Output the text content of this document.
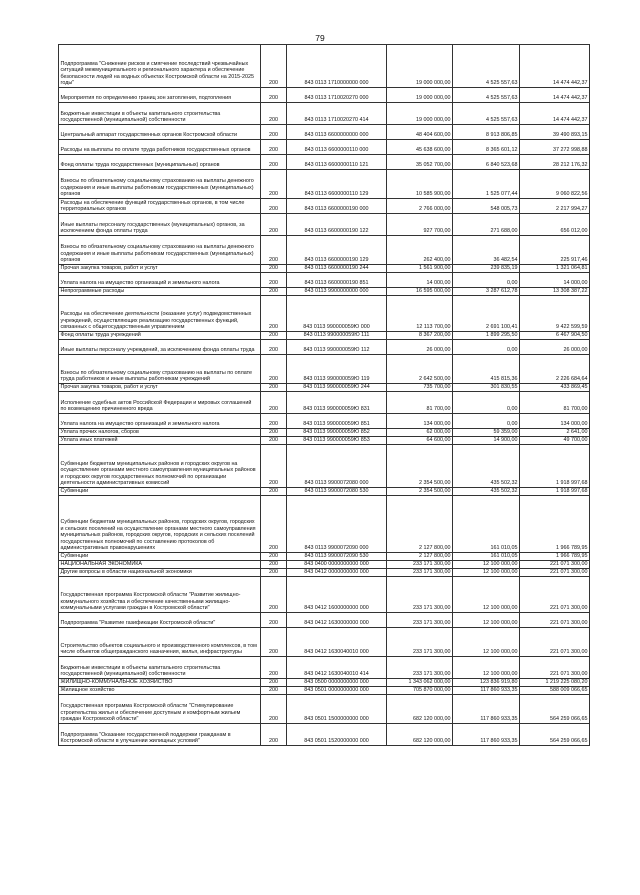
79
Подпрограмма "Снижение рисков и смягчение последствий чрезвычайных ситуаций межмуниципального и регионального характера и обеспечение безопасности людей на водных объектах Костромской области на 2015-2025 годы"	200	843 0113 1710000000 000	19 000 000,00	4 525 557,63	14 474 442,37
Мероприятия по определению границ зон затопления, подтопления	200	843 0113 1710020270 000	19 000 000,00	4 525 557,63	14 474 442,37
Бюджетные инвестиции в объекты капитального строительства государственной (муниципальной) собственности	200	843 0113 1710020270 414	19 000 000,00	4 525 557,63	14 474 442,37
Центральный аппарат государственных органов Костромской области	200	843 0113 6600000000 000	48 404 600,00	8 913 806,85	39 490 893,15
Расходы на выплаты по оплате труда работников государственных органов	200	843 0113 6600000110 000	45 638 600,00	8 365 601,12	37 272 998,88
Фонд оплаты труда государственных (муниципальных) органов	200	843 0113 6600000110 121	35 052 700,00	6 840 523,68	28 212 176,32
Взносы по обязательному социальному страхованию на выплаты денежного содержания и иные выплаты работникам государственных (муниципальных) органов	200	843 0113 6600000110 129	10 585 900,00	1 525 077,44	9 060 822,56
Расходы на обеспечение функций государственных органов, в том числе территориальных органов	200	843 0113 6600000190 000	2 766 000,00	548 005,73	2 217 994,27
Иные выплаты персоналу государственных (муниципальных) органов, за исключением фонда оплаты труда	200	843 0113 6600000190 122	927 700,00	271 688,00	656 012,00
Взносы по обязательному социальному страхованию на выплаты денежного содержания и иные выплаты работникам государственных (муниципальных) органов	200	843 0113 6600000190 129	262 400,00	36 482,54	225 917,46
Прочая закупка товаров, работ и услуг	200	843 0113 6600000190 244	1 561 900,00	239 835,19	1 321 064,81
Уплата налога на имущество организаций и земельного налога	200	843 0113 6600000190 851	14 000,00	0,00	14 000,00
Непрограммные расходы	200	843 0113 9900000000 000	16 595 000,00	3 287 612,78	13 308 387,22
Расходы на обеспечение деятельности (оказание услуг) подведомственных учреждений, осуществляющих реализацию государственных функций, связанных с общегосударственным управлением	200	843 0113 990000059Ю 000	12 113 700,00	2 691 100,41	9 422 599,59
Фонд оплаты труда учреждений	200	843 0113 990000059Ю 111	8 367 200,00	1 899 295,50	6 467 904,50
Иные выплаты персоналу учреждений, за исключением фонда оплаты труда	200	843 0113 990000059Ю 112	26 000,00	0,00	26 000,00
Взносы по обязательному социальному страхованию на выплаты по оплате труда работников и иные выплаты работникам учреждений	200	843 0113 990000059Ю 119	2 642 500,00	415 815,36	2 226 684,64
Прочая закупка товаров, работ и услуг	200	843 0113 990000059Ю 244	735 700,00	301 830,55	433 869,45
Исполнение судебных актов Российской Федерации и мировых соглашений по возмещению причиненного вреда	200	843 0113 990000059Ю 831	81 700,00	0,00	81 700,00
Уплата налога на имущество организаций и земельного налога	200	843 0113 990000059Ю 851	134 000,00	0,00	134 000,00
Уплата прочих налогов, сборов	200	843 0113 990000059Ю 852	62 000,00	59 359,00	2 641,00
Уплата иных платежей	200	843 0113 990000059Ю 853	64 600,00	14 900,00	49 700,00
Субвенции бюджетам муниципальных районов и городских округов на осуществление органами местного самоуправления муниципальных районов и городских округов государственных полномочий по организации деятельности административных комиссий	200	843 0113 9900072080 000	2 354 500,00	435 502,32	1 918 997,68
Субвенции	200	843 0113 9900072080 530	2 354 500,00	435 502,32	1 918 997,68
Субвенции бюджетам муниципальных районов, городских округов, городских и сельских поселений на осуществление органами местного самоуправления муниципальных районов, городских округов, городских и сельских поселений государственных полномочий по составлению протоколов об административных правонарушениях	200	843 0113 9900072090 000	2 127 800,00	161 010,05	1 966 789,95
Субвенции	200	843 0113 9900072090 530	2 127 800,00	161 010,05	1 966 789,95
НАЦИОНАЛЬНАЯ ЭКОНОМИКА	200	843 0400 0000000000 000	233 171 300,00	12 100 000,00	221 071 300,00
Другие вопросы в области национальной экономики	200	843 0412 0000000000 000	233 171 300,00	12 100 000,00	221 071 300,00
Государственная программа Костромской области "Развитие жилищно-коммунального хозяйства и обеспечение качественными жилищно-коммунальными услугами граждан в Костромской области"	200	843 0412 1600000000 000	233 171 300,00	12 100 000,00	221 071 300,00
Подпрограмма "Развитие газификации Костромской области"	200	843 0412 1630000000 000	233 171 300,00	12 100 000,00	221 071 300,00
Строительство объектов социального и производственного комплексов, в том числе объектов общегражданского назначения, жилья, инфраструктуры	200	843 0412 1630040010 000	233 171 300,00	12 100 000,00	221 071 300,00
Бюджетные инвестиции в объекты капитального строительства государственной (муниципальной) собственности	200	843 0412 1630040010 414	233 171 300,00	12 100 000,00	221 071 300,00
ЖИЛИЩНО-КОММУНАЛЬНОЕ ХОЗЯЙСТВО	200	843 0500 0000000000 000	1 343 062 000,00	123 836 919,80	1 219 225 080,20
Жилищное хозяйство	200	843 0501 0000000000 000	705 870 000,00	117 860 933,35	588 009 066,65
Государственная программа Костромской области "Стимулирование строительства жилья и обеспечение доступным и комфортным жильем граждан Костромской области"	200	843 0501 1500000000 000	682 120 000,00	117 860 933,35	564 259 066,65
Подпрограмма "Оказание государственной поддержки гражданам в Костромской области в улучшении жилищных условий"	200	843 0501 1520000000 000	682 120 000,00	117 860 933,35	564 259 066,65
